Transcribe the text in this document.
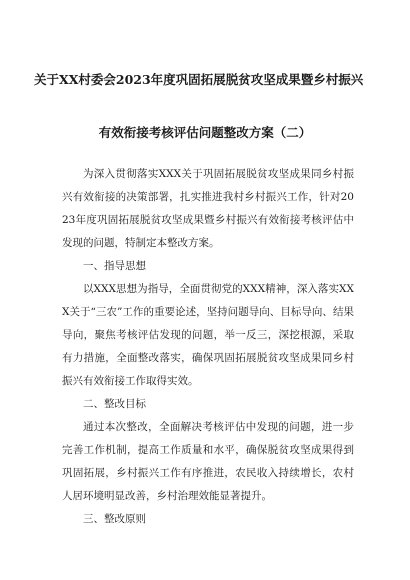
关于XX村委会2023年度巩固拓展脱贫攻坚成果暨乡村振兴
有效衔接考核评估问题整改方案（二）

为深入贯彻落实XXX关于巩固拓展脱贫攻坚成果同乡村振兴有效衔接的决策部署，扎实推进我村乡村振兴工作，针对2023年度巩固拓展脱贫攻坚成果暨乡村振兴有效衔接考核评估中发现的问题，特制定本整改方案。

一、指导思想

以XXX思想为指导，全面贯彻党的XXX精神，深入落实XXX关于“三农”工作的重要论述，坚持问题导向、目标导向、结果导向，聚焦考核评估发现的问题，举一反三，深挖根源，采取有力措施，全面整改落实，确保巩固拓展脱贫攻坚成果同乡村振兴有效衔接工作取得实效。

二、整改目标

通过本次整改，全面解决考核评估中发现的问题，进一步完善工作机制，提高工作质量和水平，确保脱贫攻坚成果得到巩固拓展，乡村振兴工作有序推进，农民收入持续增长，农村人居环境明显改善，乡村治理效能显著提升。

三、整改原则
